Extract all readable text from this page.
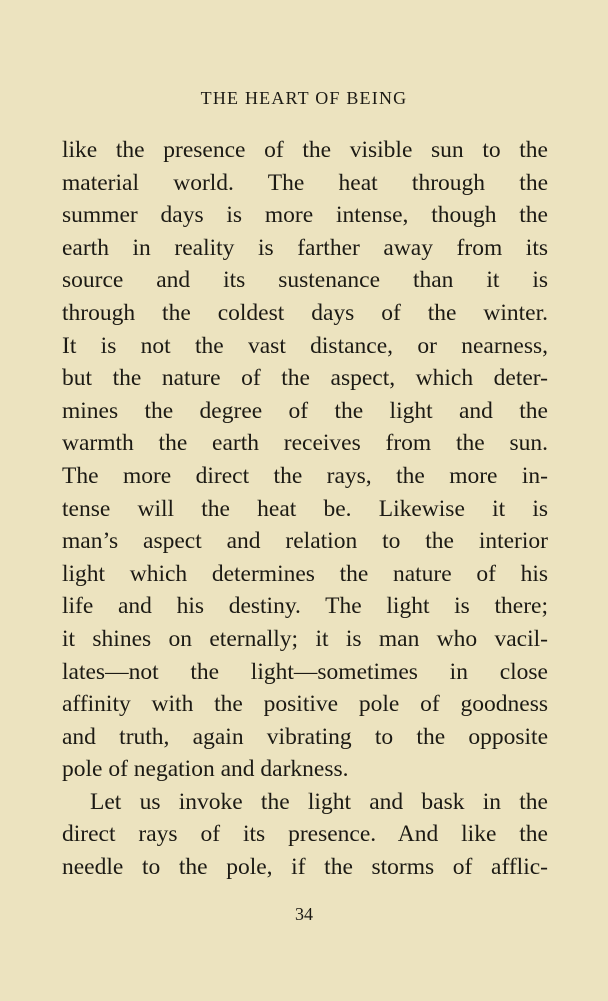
THE HEART OF BEING
like the presence of the visible sun to the
material world. The heat through the
summer days is more intense, though the
earth in reality is farther away from its
source and its sustenance than it is
through the coldest days of the winter.
It is not the vast distance, or nearness,
but the nature of the aspect, which deter-
mines the degree of the light and the
warmth the earth receives from the sun.
The more direct the rays, the more in-
tense will the heat be. Likewise it is
man’s aspect and relation to the interior
light which determines the nature of his
life and his destiny. The light is there;
it shines on eternally; it is man who vacil-
lates—not the light—sometimes in close
affinity with the positive pole of goodness
and truth, again vibrating to the opposite
pole of negation and darkness.
Let us invoke the light and bask in the
direct rays of its presence. And like the
needle to the pole, if the storms of afflic-
34
